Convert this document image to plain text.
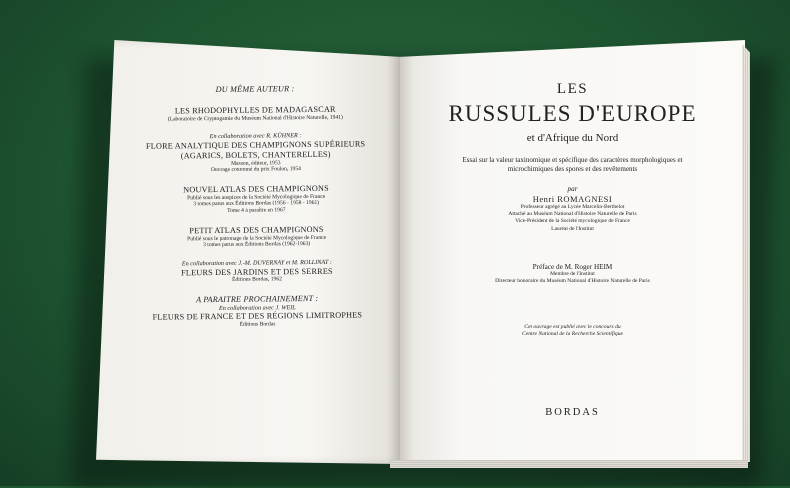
DU MÊME AUTEUR :
LES RHODOPHYLLES DE MADAGASCAR
(Laboratoire de Cryptogamie du Muséum National d'Histoire Naturelle, 1941)
En collaboration avec R. KÜHNER :
FLORE ANALYTIQUE DES CHAMPIGNONS SUPÉRIEURS
(AGARICS, BOLETS, CHANTERELLES)
Masson, éditeur, 1953
Ouvrage couronné du prix Foulon, 1954
NOUVEL ATLAS DES CHAMPIGNONS
Publié sous les auspices de la Société Mycologique de France
3 tomes parus aux Éditions Bordas (1956 - 1958 - 1961)
Tome 4 à paraître en 1967
PETIT ATLAS DES CHAMPIGNONS
Publié sous le patronage de la Société Mycologique de France
3 tomes parus aux Éditions Bordas (1962-1963)
En collaboration avec J.-M. DUVERNAY et M. ROLLINAT :
FLEURS DES JARDINS ET DES SERRES
Éditions Bordas, 1962
A PARAITRE PROCHAINEMENT :
En collaboration avec J. WEIL
FLEURS DE FRANCE ET DES RÉGIONS LIMITROPHES
Éditions Bordas
LES
RUSSULES D'EUROPE
et d'Afrique du Nord
Essai sur la valeur taxinomique et spécifique des caractères morphologiques et microchimiques des spores et des revêtements
par
Henri ROMAGNESI
Professeur agrégé au Lycée Marcelin-Berthelot
Attaché au Muséum National d'Histoire Naturelle de Paris
Vice-Président de la Société mycologique de France
Lauréat de l'Institut
Préface de M. Roger HEIM
Membre de l'Institut
Directeur honoraire du Muséum National d'Histoire Naturelle de Paris
Cet ouvrage est publié avec le concours du
Centre National de la Recherche Scientifique
BORDAS
